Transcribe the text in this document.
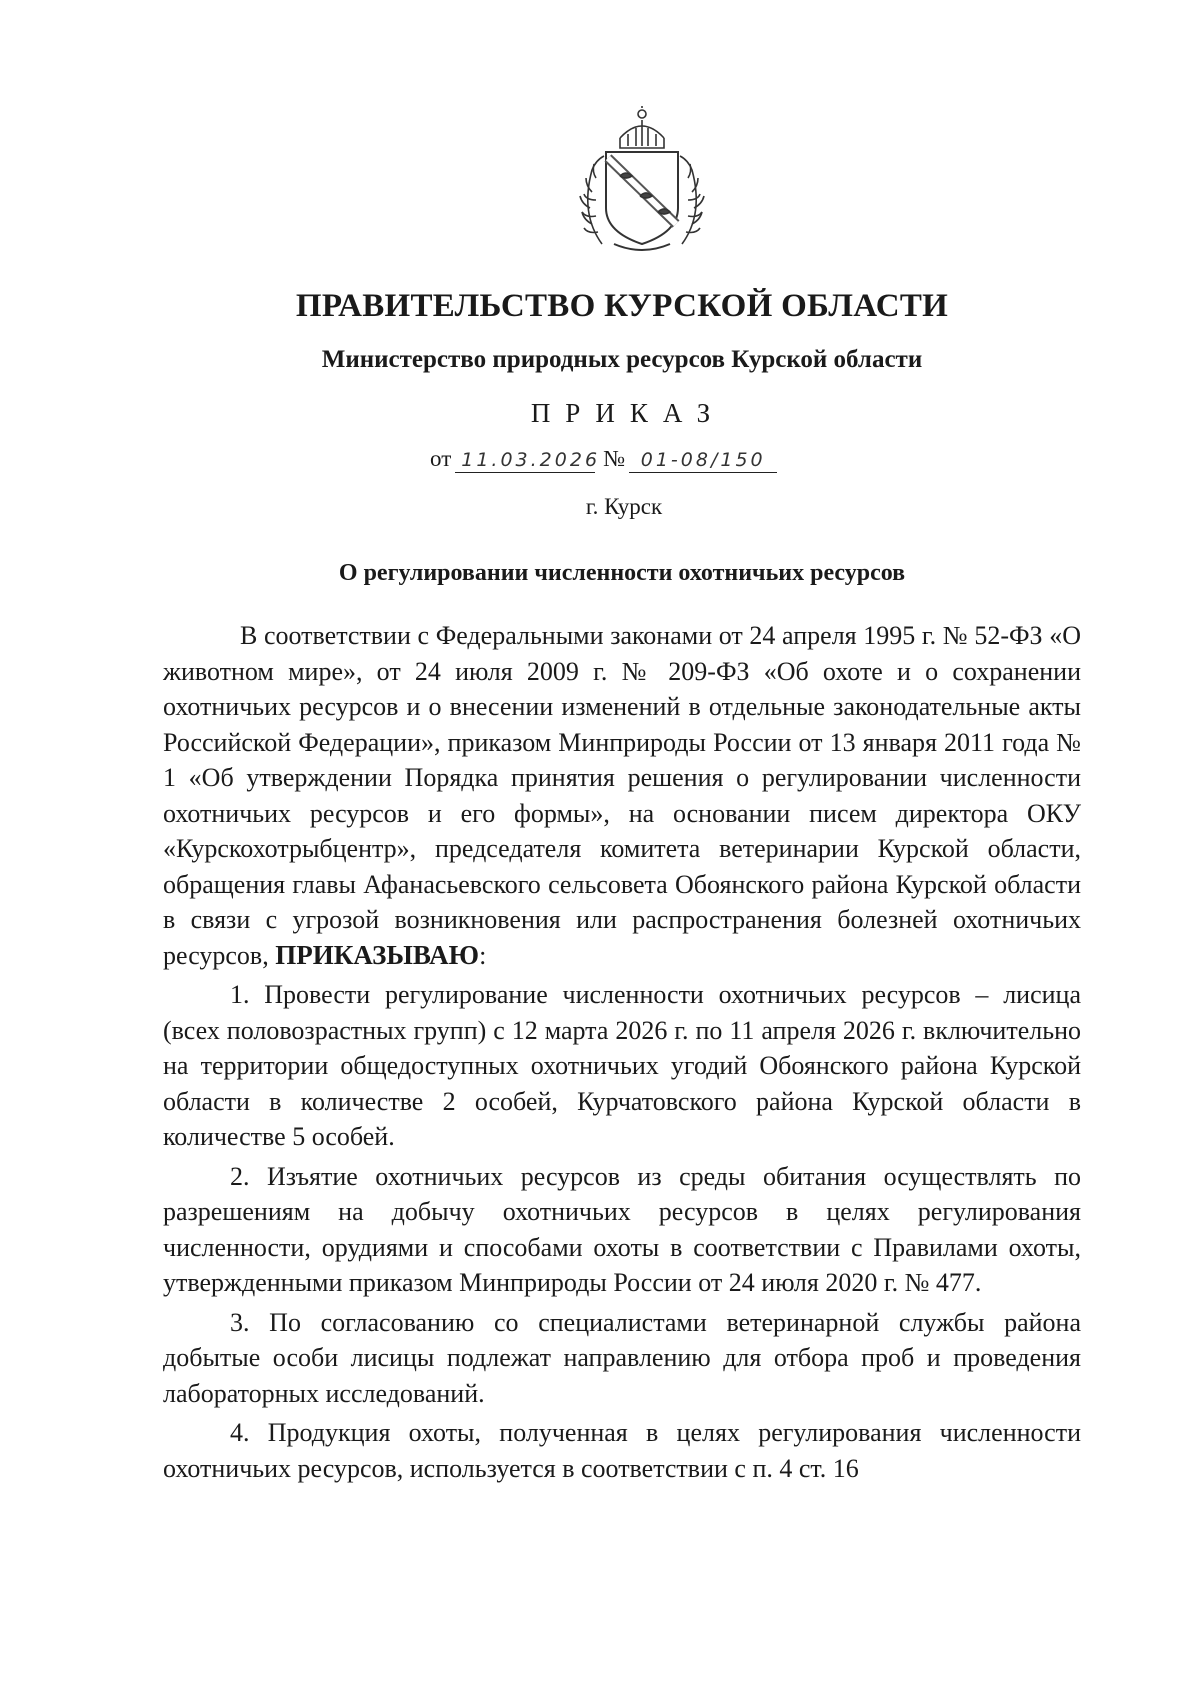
ПРАВИТЕЛЬСТВО КУРСКОЙ ОБЛАСТИ
Министерство природных ресурсов Курской области
ПРИКАЗ
от 11.03.2026 № 01-08/150
г. Курск
О регулировании численности охотничьих ресурсов

В соответствии с Федеральными законами от 24 апреля 1995 г. № 52-ФЗ «О животном мире», от 24 июля 2009 г. № 209-ФЗ «Об охоте и о сохранении охотничьих ресурсов и о внесении изменений в отдельные законодательные акты Российской Федерации», приказом Минприроды России от 13 января 2011 года № 1 «Об утверждении Порядка принятия решения о регулировании численности охотничьих ресурсов и его формы», на основании писем директора ОКУ «Курскохотрыбцентр», председателя комитета ветеринарии Курской области, обращения главы Афанасьевского сельсовета Обоянского района Курской области в связи с угрозой возникновения или распространения болезней охотничьих ресурсов, ПРИКАЗЫВАЮ:

1. Провести регулирование численности охотничьих ресурсов – лисица (всех половозрастных групп) с 12 марта 2026 г. по 11 апреля 2026 г. включительно на территории общедоступных охотничьих угодий Обоянского района Курской области в количестве 2 особей, Курчатовского района Курской области в количестве 5 особей.

2. Изъятие охотничьих ресурсов из среды обитания осуществлять по разрешениям на добычу охотничьих ресурсов в целях регулирования численности, орудиями и способами охоты в соответствии с Правилами охоты, утвержденными приказом Минприроды России от 24 июля 2020 г. № 477.

3. По согласованию со специалистами ветеринарной службы района добытые особи лисицы подлежат направлению для отбора проб и проведения лабораторных исследований.

4. Продукция охоты, полученная в целях регулирования численности охотничьих ресурсов, используется в соответствии с п. 4 ст. 16
